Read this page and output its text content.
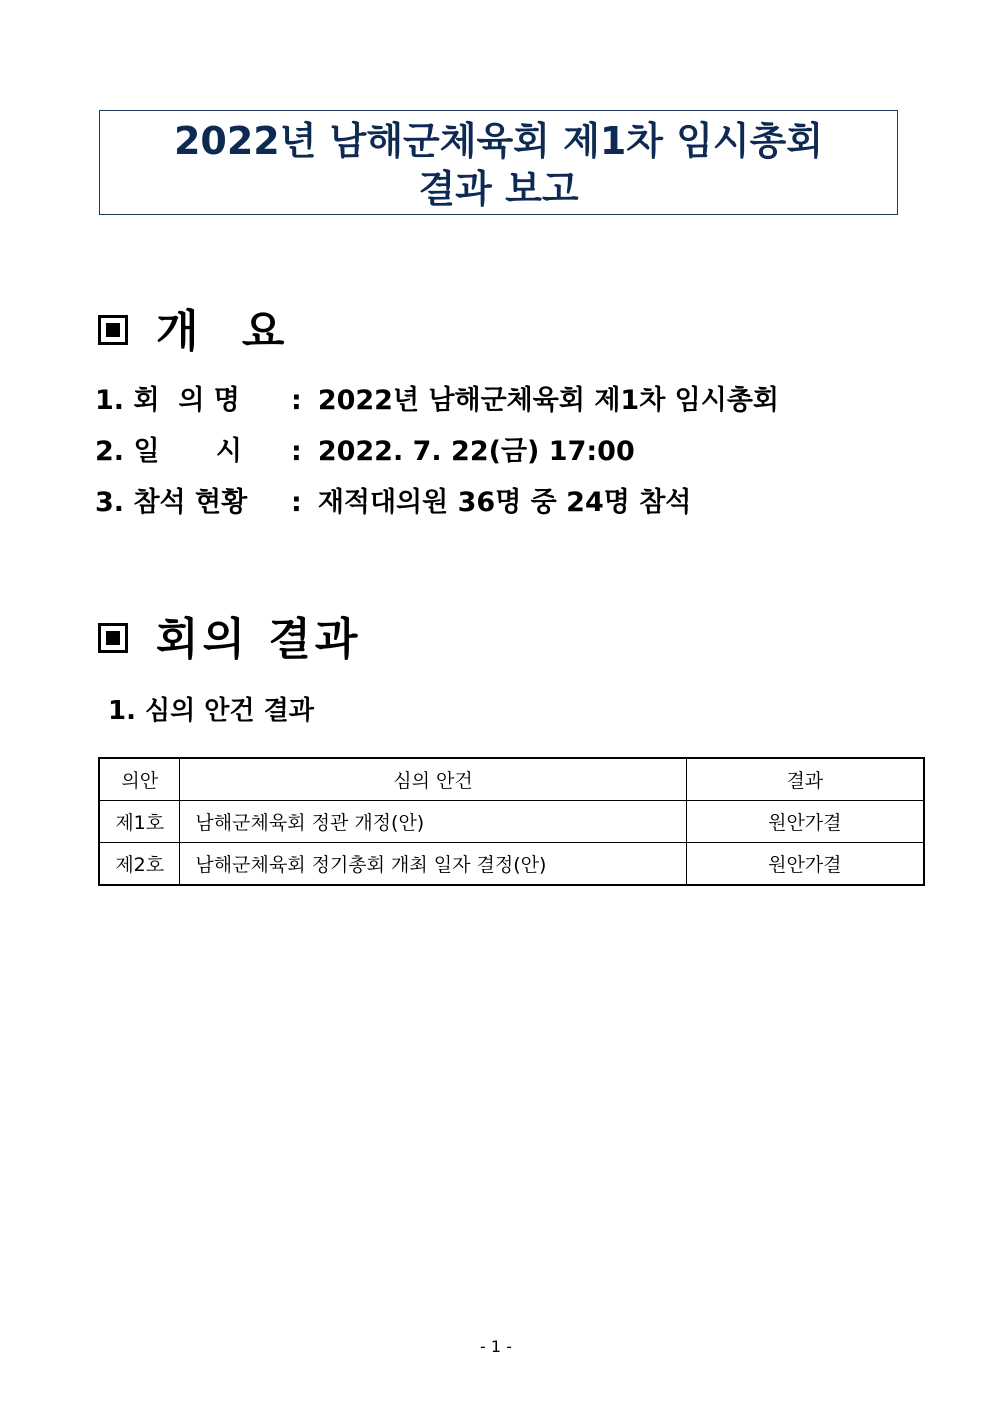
2022년 남해군체육회 제1차 임시총회
결과 보고
개 요
1. 회  의 명 : 2022년 남해군체육회 제1차 임시총회
2. 일      시 : 2022. 7. 22(금) 17:00
3. 참석 현황 : 재적대의원 36명 중 24명 참석
회의 결과
1. 심의 안건 결과
의안	심의 안건	결과
제1호	남해군체육회 정관 개정(안)	원안가결
제2호	남해군체육회 정기총회 개최 일자 결정(안)	원안가결
- 1 -
